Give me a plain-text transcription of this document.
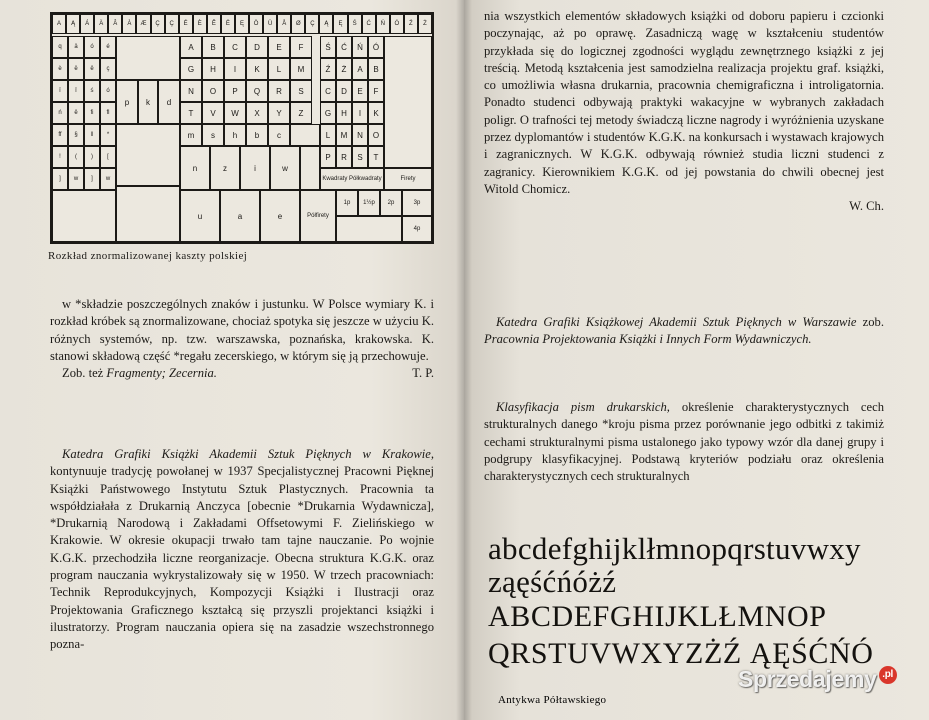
A	Ą	Á	Ä	Â	À	Æ	Ç	Ç	É	È	Ê	Ë	Ę	Ö	Ü	Å	Ø	Ç	Ą	Ę	Ś	Ć	Ń	Ó	Ź	Ż
q	ä	ó	é
è	ë	ê	ç
ï	î	ś	ó
ń	ê	fi	fl
ff	§	‖	*
!	(	)	[
]	w	]	w
A	B	C	D	E	F
G	H	I	K	L	M
N	O	P	Q	R	S
T	V	W	X	Y	Z
Ś	Ć	Ń	Ó
Ź	Ż	A	B
C	D	E	F
G	H	I	K
L	M	N	O
P	R	S	T
Firety
p	k	d
m	s	h	b	c
n	z	i	w
u	a	e	Półfirety
1p	1½p	2p	3p
4p
Kwadraty Półkwadraty
Rozkład znormalizowanej kaszty polskiej

w *składzie poszczególnych znaków i justunku. W Polsce wymiary K. i rozkład króbek są znormalizowane, chociaż spotyka się jeszcze w użyciu K. różnych systemów, np. tzw. warszawska, poznańska, krakowska. K. stanowi składową część *regału zecerskiego, w którym się ją przechowuje.

Zob. też Fragmenty; Zecernia.	T. P.

Katedra Grafiki Książki Akademii Sztuk Pięknych w Krakowie, kontynuuje tradycję powołanej w 1937 Specjalistycznej Pracowni Pięknej Książki Państwowego Instytutu Sztuk Plastycznych. Pracownia ta współdziałała z Drukarnią Anczyca [obecnie *Drukarnia Wydawnicza], *Drukarnią Narodową i Zakładami Offsetowymi F. Zielińskiego w Krakowie. W okresie okupacji trwało tam tajne nauczanie. Po wojnie K.G.K. przechodziła liczne reorganizacje. Obecna struktura K.G.K. oraz program nauczania wykrystalizowały się w 1950. W trzech pracowniach: Technik Reprodukcyjnych, Kompozycji Książki i Ilustracji oraz Projektowania Graficznego kształcą się przyszli projektanci książki i ilustratorzy. Program nauczania opiera się na zasadzie wszechstronnego pozna-

nia wszystkich elementów składowych książki od doboru papieru i czcionki poczynając, aż po oprawę. Zasadniczą wagę w kształceniu studentów przykłada się do logicznej zgodności wyglądu zewnętrznego książki z jej treścią. Metodą kształcenia jest samodzielna realizacja projektu graf. książki, co umożliwia własna drukarnia, pracownia chemigraficzna i introligatornia. Ponadto studenci odbywają praktyki wakacyjne w wybranych zakładach poligr. O trafności tej metody świadczą liczne nagrody i wyróżnienia uzyskane przez dyplomantów i studentów K.G.K. na konkursach i wystawach krajowych i zagranicznych. W K.G.K. odbywają również studia liczni studenci z zagranicy. Kierownikiem K.G.K. od jej powstania do chwili obecnej jest Witold Chomicz.

W. Ch.

Katedra Grafiki Książkowej Akademii Sztuk Pięknych w Warszawie zob. Pracownia Projektowania Książki i Innych Form Wydawniczych.

Klasyfikacja pism drukarskich, określenie charakterystycznych cech strukturalnych danego *kroju pisma przez porównanie jego odbitki z takimiż cechami strukturalnymi pisma ustalonego jako typowy wzór dla danej grupy i podgrupy klasyfikacyjnej. Podstawą kryteriów podziału oraz określenia charakterystycznych cech strukturalnych

abcdefghijklłmnopqrstuvwxy
ząęśćńóżź
ABCDEFGHIJKLŁMNOP
QRSTUVWXYZŻŹ ĄĘŚĆŃÓ
Antykwa Półtawskiego
Sprzedajemy .pl
